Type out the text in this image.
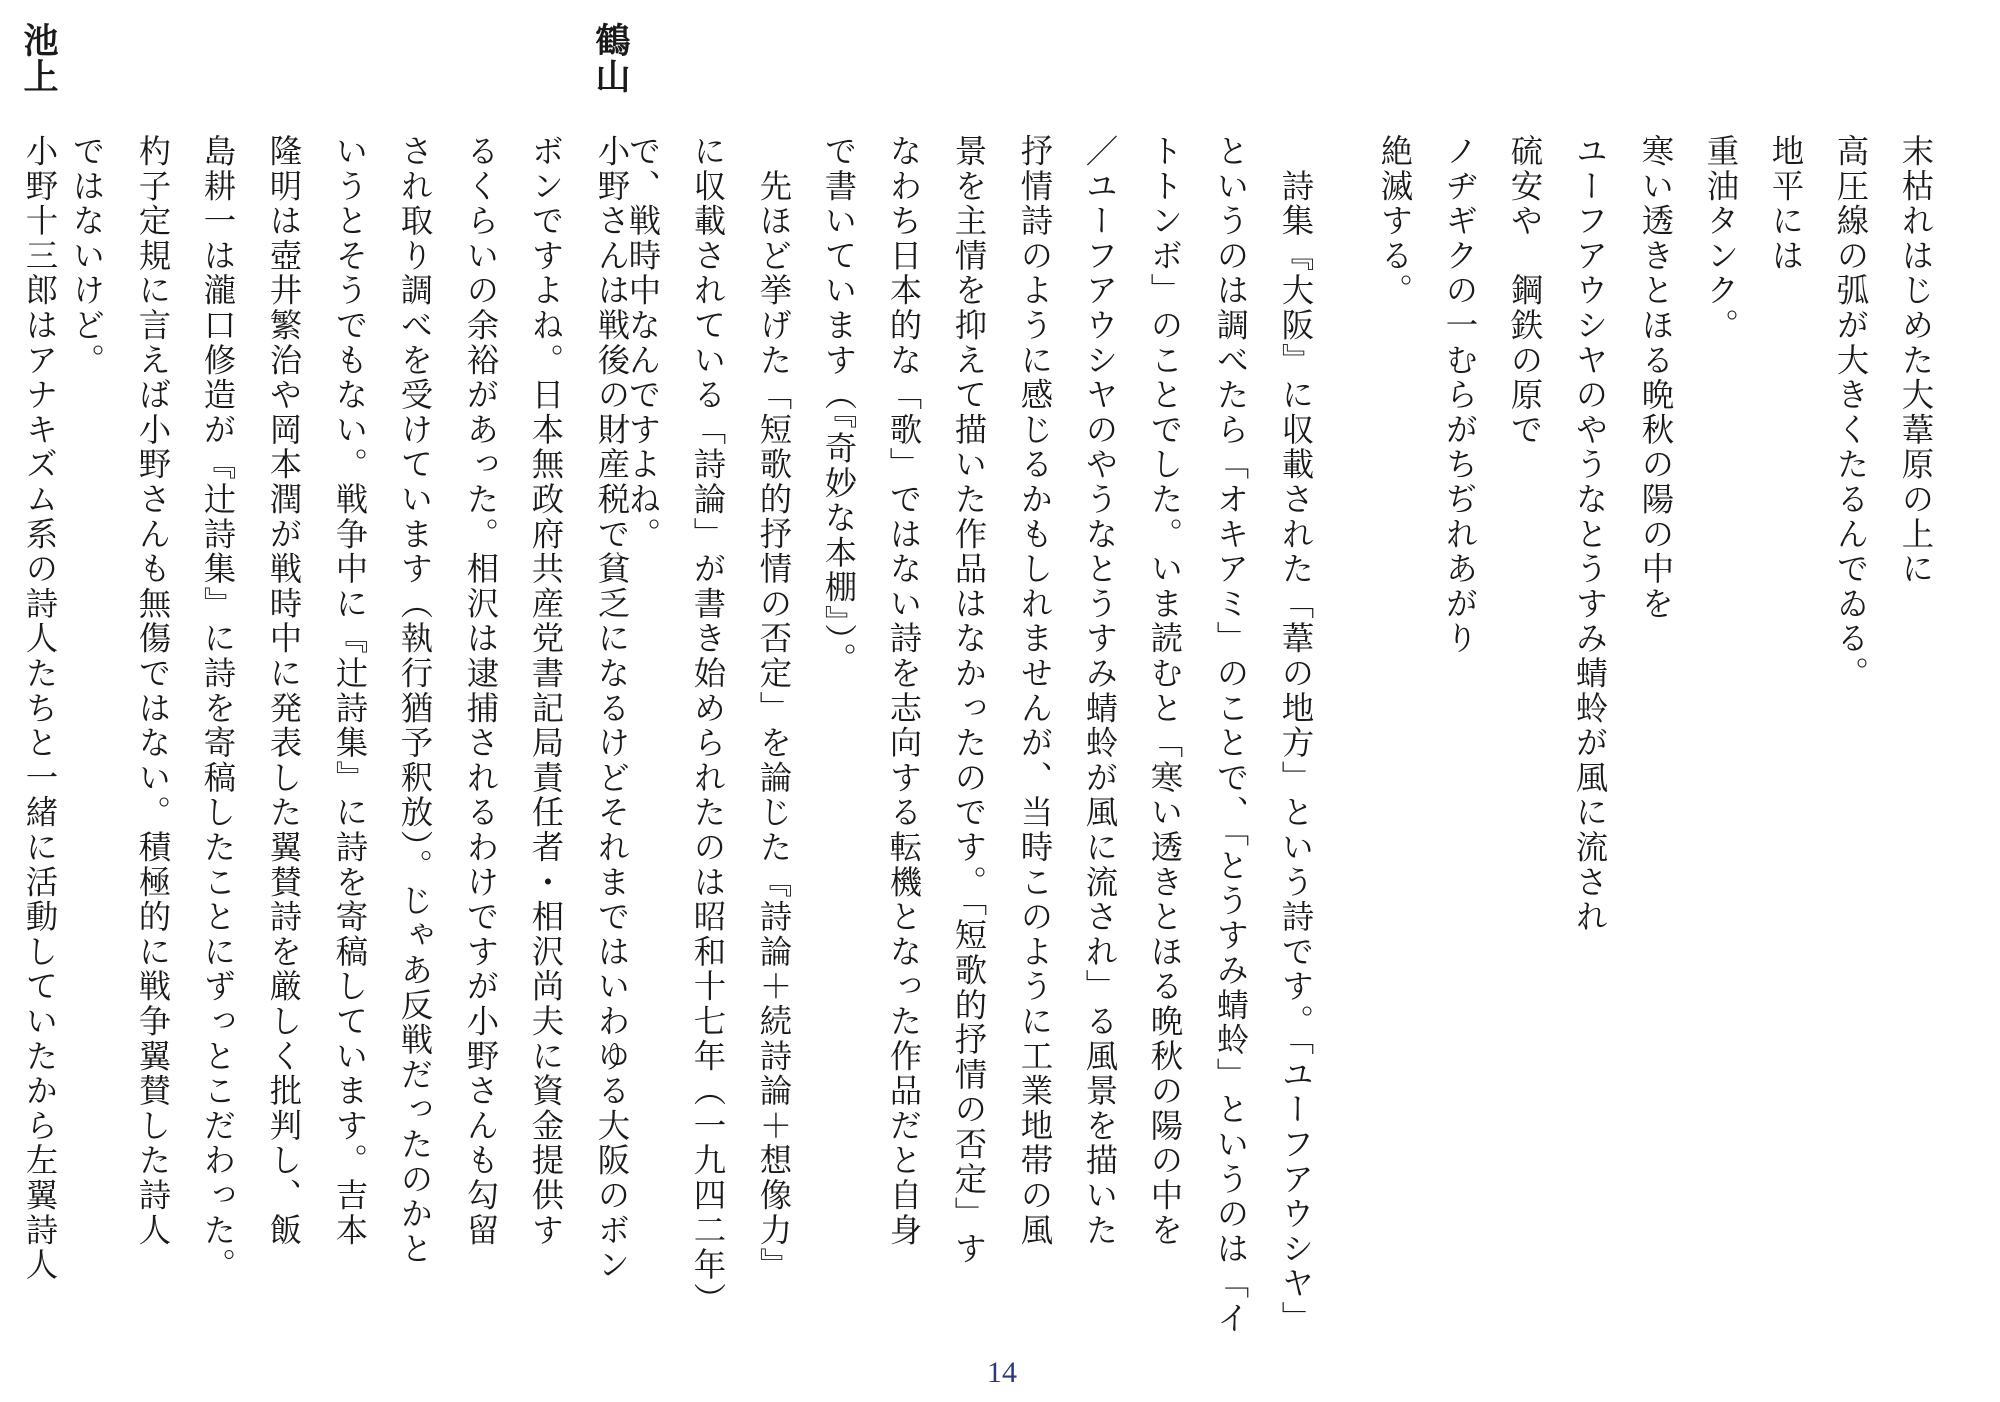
末枯れはじめた大葦原の上に
高圧線の弧が大きくたるんでゐる。
地平には
重油タンク。
寒い透きとほる晩秋の陽の中を
ユーフアウシヤのやうなとうすみ蜻蛉が風に流され
硫安や　鋼鉄の原で
ノヂギクの一むらがちぢれあがり
絶滅する。
　詩集『大阪』に収載された「葦の地方」という詩です。「ユーフアウシヤ」
というのは調べたら「オキアミ」のことで、「とうすみ蜻蛉」というのは「イ
トトンボ」のことでした。いま読むと「寒い透きとほる晩秋の陽の中を
／ユーフアウシヤのやうなとうすみ蜻蛉が風に流され」る風景を描いた
抒情詩のように感じるかもしれませんが、当時このように工業地帯の風
景を主情を抑えて描いた作品はなかったのです。「短歌的抒情の否定」す
なわち日本的な「歌」ではない詩を志向する転機となった作品だと自身
で書いています（『奇妙な本棚』）。
　先ほど挙げた「短歌的抒情の否定」を論じた『詩論＋続詩論＋想像力』
に収載されている「詩論」が書き始められたのは昭和十七年（一九四二年）
で、戦時中なんですよね。
鶴山
小野さんは戦後の財産税で貧乏になるけどそれまではいわゆる大阪のボン
ボンですよね。日本無政府共産党書記局責任者・相沢尚夫に資金提供す
るくらいの余裕があった。相沢は逮捕されるわけですが小野さんも勾留
され取り調べを受けています（執行猶予釈放）。じゃあ反戦だったのかと
いうとそうでもない。戦争中に『辻詩集』に詩を寄稿しています。吉本
隆明は壺井繁治や岡本潤が戦時中に発表した翼賛詩を厳しく批判し、飯
島耕一は瀧口修造が『辻詩集』に詩を寄稿したことにずっとこだわった。
杓子定規に言えば小野さんも無傷ではない。積極的に戦争翼賛した詩人
ではないけど。
池上
小野十三郎はアナキズム系の詩人たちと一緒に活動していたから左翼詩人
14
